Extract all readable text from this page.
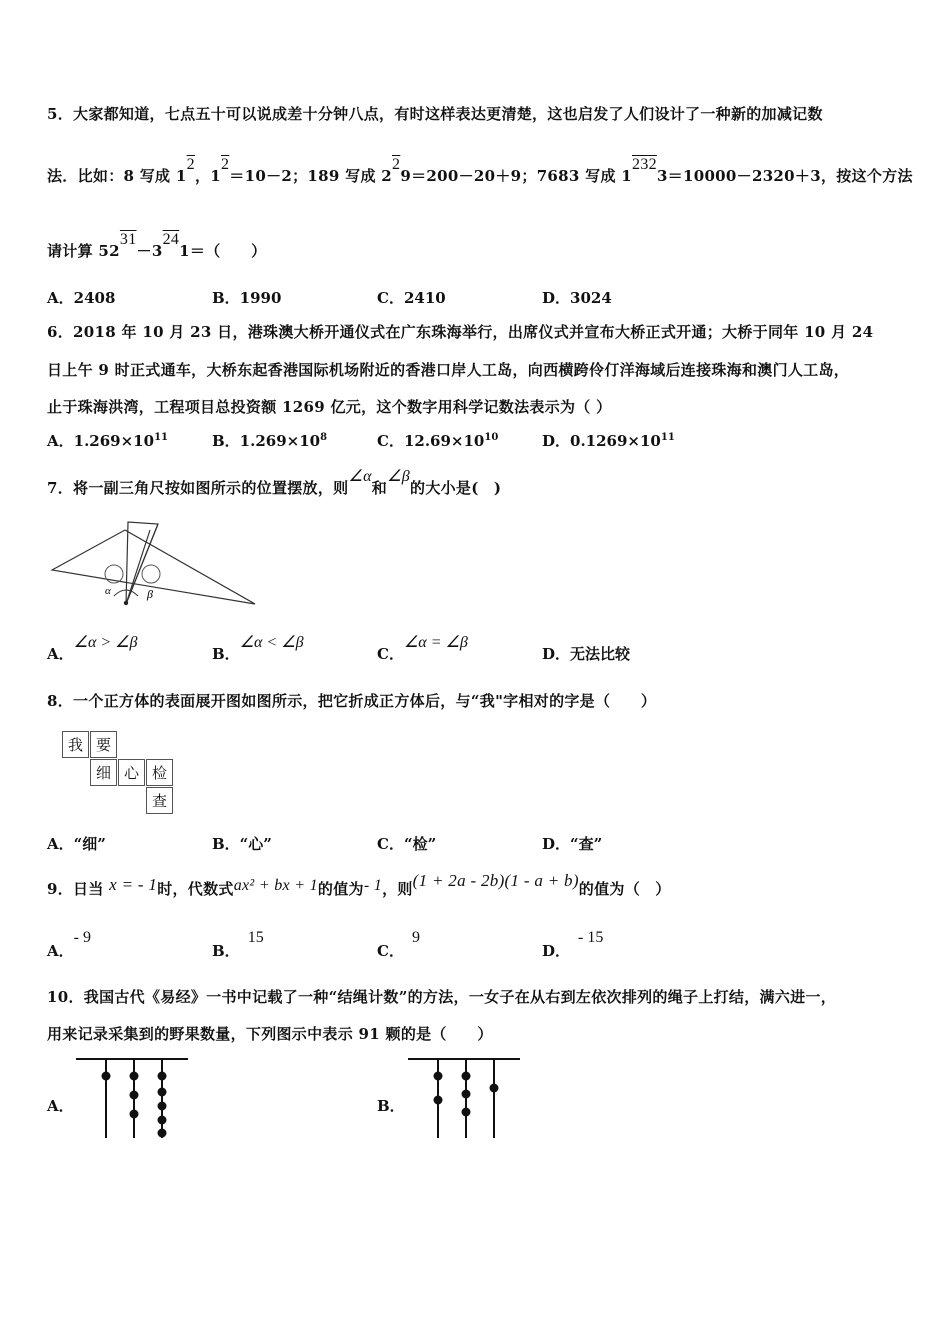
5．大家都知道，七点五十可以说成差十分钟八点，有时这样表达更清楚，这也启发了人们设计了一种新的加减记数
法．比如：8 写成 12，12＝10－2；189 写成 229＝200－20＋9；7683 写成 12323＝10000－2320＋3，按这个方法
请计算 5231－3241＝（　　）
A．2408	B．1990	C．2410	D．3024
6．2018 年 10 月 23 日，港珠澳大桥开通仪式在广东珠海举行，出席仪式并宣布大桥正式开通；大桥于同年 10 月 24
日上午 9 时正式通车，大桥东起香港国际机场附近的香港口岸人工岛，向西横跨伶仃洋海域后连接珠海和澳门人工岛，
止于珠海洪湾，工程项目总投资额 1269 亿元，这个数字用科学记数法表示为（ ）
A．$1.269\times 10^{11}$	B．$1.269\times 10^8$	C．$12.69\times 10^{10}$	D．$0.1269\times 10^{11}$
7．将一副三角尺按如图所示的位置摆放，则∠α和∠β的大小是(　)
α	β
A．∠α > ∠β
B．∠α < ∠β
C．∠α = ∠β
D．无法比较
8．一个正方体的表面展开图如图所示，把它折成正方体后，与“我"字相对的字是（　　）
我 要
细 心 检
查
A．“细”	B．“心”	C．“检”	D．“查”
9．日当 x = - 1时，代数式ax² + bx + 1的值为- 1，则(1 + 2a - 2b)(1 - a + b)的值为（　）
A．- 9
B．15
C．9
D．- 15
10．我国古代《易经》一书中记载了一种“结绳计数”的方法，一女子在从右到左依次排列的绳子上打结，满六进一，
用来记录采集到的野果数量，下列图示中表示 91 颗的是（　　）
A．	B．
